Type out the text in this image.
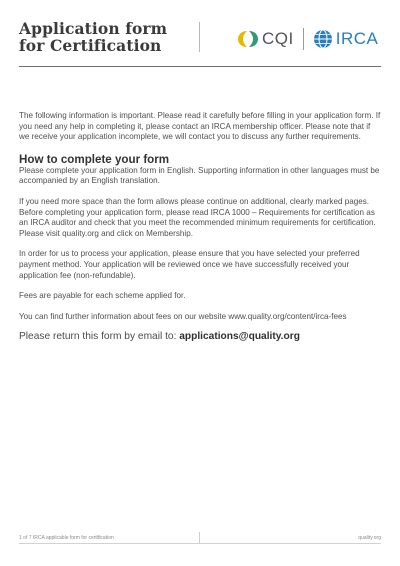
Application form
for Certification	CQI IRCA

The following information is important. Please read it carefully before filling in your application form. If you need any help in completing it, please contact an IRCA membership officer. Please note that if we receive your application incomplete, we will contact you to discuss any further requirements.

How to complete your form

Please complete your application form in English. Supporting information in other languages must be accompanied by an English translation.

If you need more space than the form allows please continue on additional, clearly marked pages. Before completing your application form, please read IRCA 1000 – Requirements for certification as an IRCA auditor and check that you meet the recommended minimum requirements for certification. Please visit quality.org and click on Membership.

In order for us to process your application, please ensure that you have selected your preferred payment method. Your application will be reviewed once we have successfully received your application fee (non-refundable).

Fees are payable for each scheme applied for.

You can find further information about fees on our website www.quality.org/content/irca-fees

Please return this form by email to: applications@quality.org

1 of 7 IRCA applicable form for certification	quality.org
